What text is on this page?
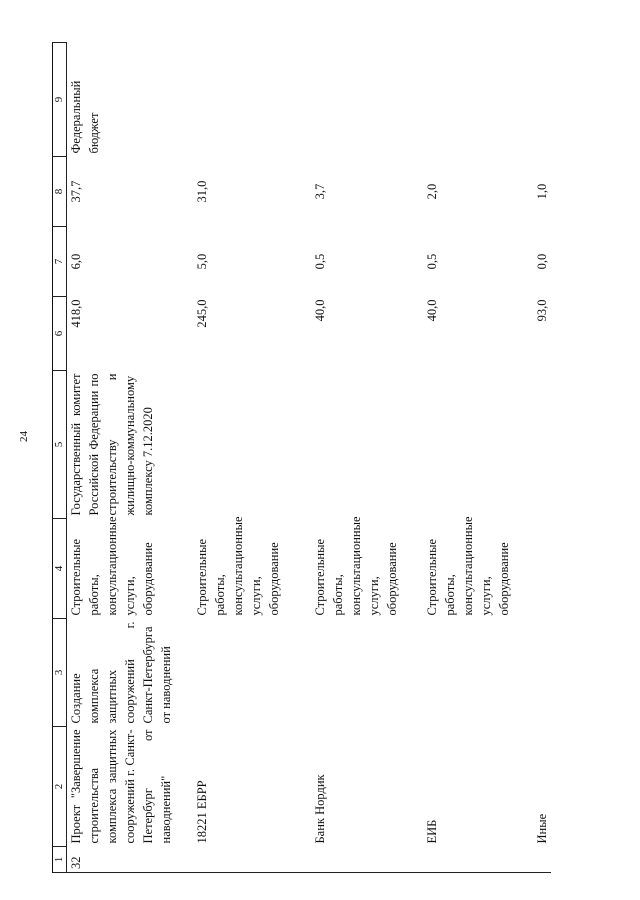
24
1	2	3	4	5	6	7	8	9
32	Проект "Завершение строительства комплекса защитных сооружений г. Санкт-Петербург от наводнений"	Создание комплекса защитных сооружений г. Санкт-Петербурга от наводнений	Строительные работы, консультационные услуги, оборудование	Государственный комитет Российской Федерации по строительству и жилищно-коммунальному комплексу 7.12.2020	418,0	6,0	37,7	Федеральный бюджет
	18221 ЕБРР		Строительные работы, консультационные услуги, оборудование		245,0	5,0	31,0	
	Банк Нордик		Строительные работы, консультационные услуги, оборудование		40,0	0,5	3,7	
	ЕИБ		Строительные работы, консультационные услуги, оборудование		40,0	0,5	2,0	
	Иные				93,0	0,0	1,0	
